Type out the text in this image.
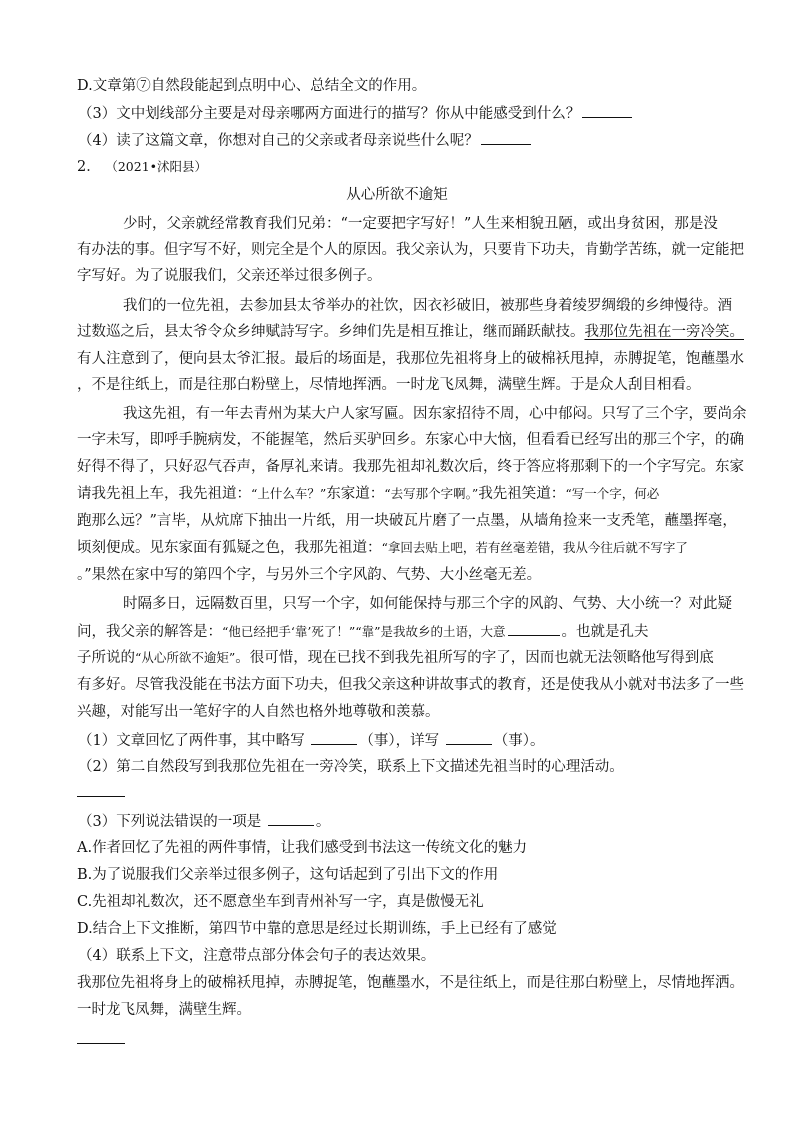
D.文章第⑦自然段能起到点明中心、总结全文的作用。
（3）文中划线部分主要是对母亲哪两方面进行的描写？你从中能感受到什么？
（4）读了这篇文章，你想对自己的父亲或者母亲说些什么呢？
2． （2021•沭阳县）
从心所欲不逾矩
少时，父亲就经常教育我们兄弟：“一定要把字写好！”人生来相貌丑陋，或出身贫困，那是没
有办法的事。但字写不好，则完全是个人的原因。我父亲认为，只要肯下功夫，肯勤学苦练，就一定能把
字写好。为了说服我们，父亲还举过很多例子。
我们的一位先祖，去参加县太爷举办的社饮，因衣衫破旧，被那些身着绫罗绸缎的乡绅慢待。酒
过数巡之后，县太爷令众乡绅赋詩写字。乡绅们先是相互推让，继而踊跃献技。我那位先祖在一旁冷笑。
有人注意到了，便向县太爷汇报。最后的场面是，我那位先祖将身上的破棉袄甩掉，赤膊捉笔，饱蘸墨水
，不是往纸上，而是往那白粉壁上，尽情地挥洒。一时龙飞凤舞，满壁生辉。于是众人刮目相看。
我这先祖，有一年去青州为某大户人家写匾。因东家招待不周，心中郁闷。只写了三个字，要尚余
一字未写，即呼手腕病发，不能握笔，然后买驴回乡。东家心中大恼，但看看已经写出的那三个字，的确
好得不得了，只好忍气吞声，备厚礼来请。我那先祖却礼数次后，终于答应将那剩下的一个字写完。东家
请我先祖上车，我先祖道：“上什么车？”东家道：“去写那个字啊。”我先祖笑道：“写一个字，何必
跑那么远？”言毕，从炕席下抽出一片纸，用一块破瓦片磨了一点墨，从墙角捡来一支秃笔，蘸墨挥毫，
顷刻便成。见东家面有狐疑之色，我那先祖道：“拿回去贴上吧，若有丝毫差错，我从今往后就不写字了
。”果然在家中写的第四个字，与另外三个字风韵、气势、大小丝毫无差。
时隔多日，远隔数百里，只写一个字，如何能保持与那三个字的风韵、气势、大小统一？对此疑
问，我父亲的解答是：“他已经把手‘靠’死了！”“靠”是我故乡的土语，大意	。也就是孔夫
子所说的“从心所欲不逾矩”。很可惜，现在已找不到我先祖所写的字了，因而也就无法领略他写得到底
有多好。尽管我没能在书法方面下功夫，但我父亲这种讲故事式的教育，还是使我从小就对书法多了一些
兴趣，对能写出一笔好字的人自然也格外地尊敬和羡慕。
（1）文章回忆了两件事，其中略写	（事），详写	（事）。
（2）第二自然段写到我那位先祖在一旁冷笑，联系上下文描述先祖当时的心理活动。
（3）下列说法错误的一项是	。
A.作者回忆了先祖的两件事情，让我们感受到书法这一传统文化的魅力
B.为了说服我们父亲举过很多例子，这句话起到了引出下文的作用
C.先祖却礼数次，还不愿意坐车到青州补写一字，真是傲慢无礼
D.结合上下文推断，第四节中靠的意思是经过长期训练，手上已经有了感觉
（4）联系上下文，注意带点部分体会句子的表达效果。
我那位先祖将身上的破棉袄甩掉，赤膊捉笔，饱蘸墨水，不是往纸上，而是往那白粉壁上，尽情地挥洒。
一时龙飞凤舞，满壁生辉。
